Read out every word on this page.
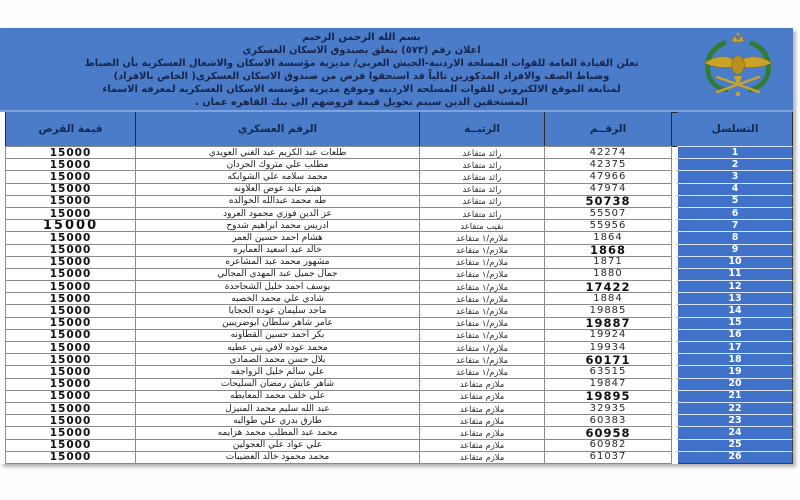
بسم الله الرحمن الرحيم
اعلان رقم (٥٧٣) يتعلق بصندوق الاسكان العسكري
تعلن القيادة العامة للقوات المسلحة الاردنية-الجيش العربي/ مديرية مؤسسة الاسكان والاشغال العسكرية بأن الضباط
وضباط الصف والافراد المذكورين تالياً قد استحقوا قرض من صندوق الاسكان العسكري( الخاص بالافراد)
لمتابعة الموقع الالكتروني للقوات المسلحه الاردنيه وموقع مديرية مؤسسه الاسكان العسكريه لمعرفه الاسماء
المستحقين الذين سيتم تحويل قيمة قروضهم الى بنك القاهره عمان .
التسلسل
الرقــم
الرتبــة
الرقم العسكري
قيمة القرض
1
42274
رائد متقاعد
طلعات عبد الكريم عبد الغني العويدي
15000
2
42375
رائد متقاعد
مطلب علي متروك الحردان
15000
3
47966
رائد متقاعد
محمد سلامه علي الشوابكه
15000
4
47974
رائد متقاعد
هيثم عايد عوض العلاونه
15000
5
50738
رائد متقاعد
طه محمد عبدالله الخوالده
15000
6
55507
رائد متقاعد
عز الدين فوزي محمود العرود
15000
7
55956
نقيب متقاعد
ادريس محمد ابراهيم شدوح
15000
8
1864
ملازم/١ متقاعد
هشام احمد حسين العمر
15000
9
1868
ملازم/١ متقاعد
خالد عيد اسعيد العمايره
15000
10
1871
ملازم/١ متقاعد
مشهور محمد عبد المشاعره
15000
11
1880
ملازم/١ متقاعد
جمال جميل عبد المهدي المجالي
15000
12
17422
ملازم/١ متقاعد
يوسف احمد خليل الشحاحدة
15000
13
1884
ملازم/١ متقاعد
شادي علي محمد الخصبه
15000
14
19885
ملازم/١ متقاعد
ماجد سليمان عوده الحجايا
15000
15
19887
ملازم/١ متقاعد
عامر شاهر سلطان ابوضريبين
15000
16
19924
ملازم/١ متقاعد
بكر احمد حسين القطاونه
15000
17
19934
ملازم/١ متقاعد
محمد عوده لافي بني عطيه
15000
18
60171
ملازم/١ متقاعد
بلال حسن محمد الصمادي
15000
19
63515
ملازم/١ متقاعد
علي سالم خليل الرواجفه
15000
20
19847
ملازم متقاعد
شاهر عايش رمضان السليحات
15000
21
19895
ملازم متقاعد
علي خلف محمد المعايطه
15000
22
32935
ملازم متقاعد
عبد الله سليم محمد المنيزل
15000
23
60383
ملازم متقاعد
طارق بدري علي طوالبه
15000
24
60958
ملازم متقاعد
محمد عبد المطلب محمد هزايمه
15000
25
60982
ملازم متقاعد
علي عواد علي العجولين
15000
26
61037
ملازم متقاعد
محمد محمود خالد العضيبات
15000
